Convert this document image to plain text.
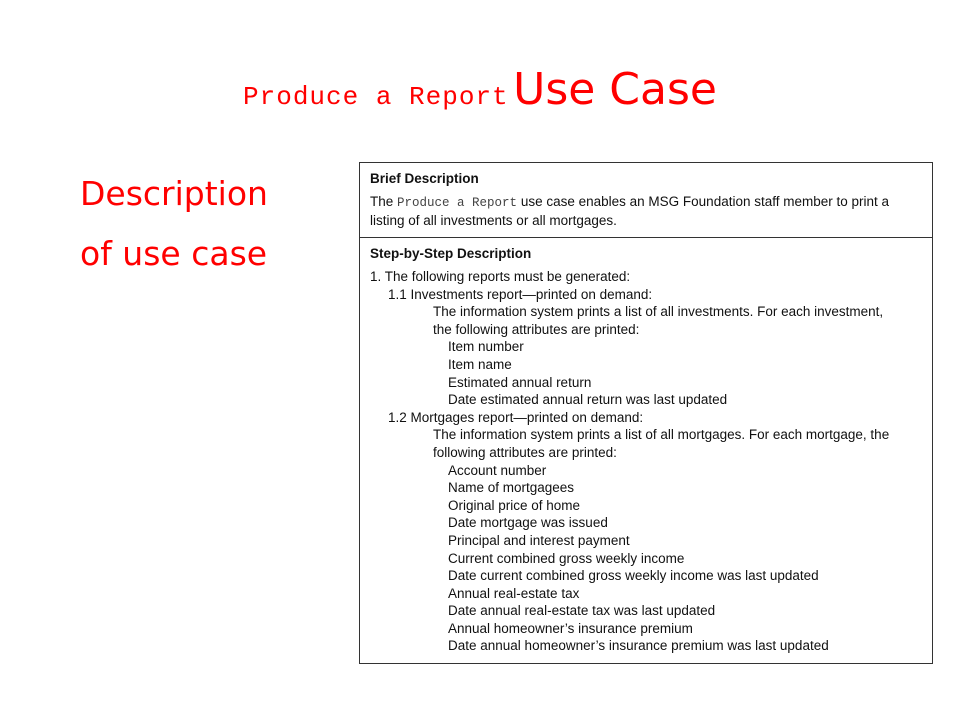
Produce a Report Use Case
Description
of use case
Brief Description
The Produce a Report use case enables an MSG Foundation staff member to print a listing of all investments or all mortgages.
Step-by-Step Description
1. The following reports must be generated:
1.1 Investments report—printed on demand:
The information system prints a list of all investments. For each investment,
the following attributes are printed:
Item number
Item name
Estimated annual return
Date estimated annual return was last updated
1.2 Mortgages report—printed on demand:
The information system prints a list of all mortgages. For each mortgage, the
following attributes are printed:
Account number
Name of mortgagees
Original price of home
Date mortgage was issued
Principal and interest payment
Current combined gross weekly income
Date current combined gross weekly income was last updated
Annual real-estate tax
Date annual real-estate tax was last updated
Annual homeowner’s insurance premium
Date annual homeowner’s insurance premium was last updated
